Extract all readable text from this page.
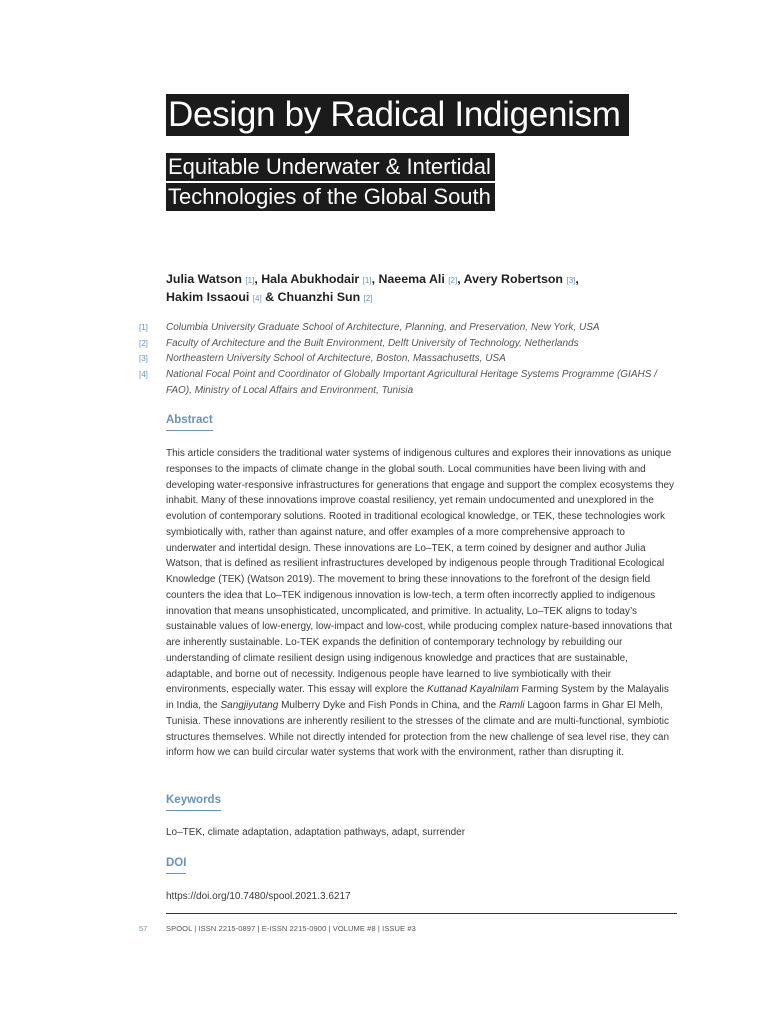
Design by Radical Indigenism
Equitable Underwater & Intertidal
Technologies of the Global South
Julia Watson [1], Hala Abukhodair [1], Naeema Ali [2], Avery Robertson [3],
Hakim Issaoui [4] & Chuanzhi Sun [2]
[1] Columbia University Graduate School of Architecture, Planning, and Preservation, New York, USA
[2] Faculty of Architecture and the Built Environment, Delft University of Technology, Netherlands
[3] Northeastern University School of Architecture, Boston, Massachusetts, USA
[4] National Focal Point and Coordinator of Globally Important Agricultural Heritage Systems Programme (GIAHS / FAO), Ministry of Local Affairs and Environment, Tunisia
Abstract
This article considers the traditional water systems of indigenous cultures and explores their innovations as unique responses to the impacts of climate change in the global south. Local communities have been living with and developing water-responsive infrastructures for generations that engage and support the complex ecosystems they inhabit. Many of these innovations improve coastal resiliency, yet remain undocumented and unexplored in the evolution of contemporary solutions. Rooted in traditional ecological knowledge, or TEK, these technologies work symbiotically with, rather than against nature, and offer examples of a more comprehensive approach to underwater and intertidal design. These innovations are Lo–TEK, a term coined by designer and author Julia Watson, that is defined as resilient infrastructures developed by indigenous people through Traditional Ecological Knowledge (TEK) (Watson 2019). The movement to bring these innovations to the forefront of the design field counters the idea that Lo–TEK indigenous innovation is low-tech, a term often incorrectly applied to indigenous innovation that means unsophisticated, uncomplicated, and primitive. In actuality, Lo–TEK aligns to today’s sustainable values of low-energy, low-impact and low-cost, while producing complex nature-based innovations that are inherently sustainable. Lo-TEK expands the definition of contemporary technology by rebuilding our understanding of climate resilient design using indigenous knowledge and practices that are sustainable, adaptable, and borne out of necessity. Indigenous people have learned to live symbiotically with their environments, especially water. This essay will explore the Kuttanad Kayalnilam Farming System by the Malayalis in India, the Sangjiyutang Mulberry Dyke and Fish Ponds in China, and the Ramli Lagoon farms in Ghar El Melh, Tunisia. These innovations are inherently resilient to the stresses of the climate and are multi-functional, symbiotic structures themselves. While not directly intended for protection from the new challenge of sea level rise, they can inform how we can build circular water systems that work with the environment, rather than disrupting it.
Keywords
Lo–TEK, climate adaptation, adaptation pathways, adapt, surrender
DOI
https://doi.org/10.7480/spool.2021.3.6217
57 SPOOL | ISSN 2215-0897 | E-ISSN 2215-0900 | VOLUME #8 | ISSUE #3
